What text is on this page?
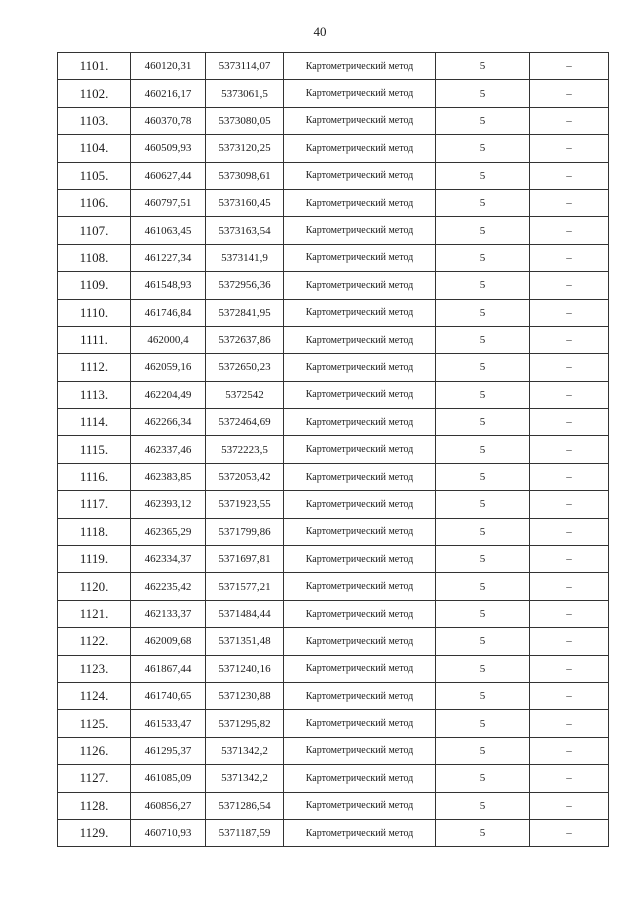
40
1101.	460120,31	5373114,07	Картометрический метод	5	–
1102.	460216,17	5373061,5	Картометрический метод	5	–
1103.	460370,78	5373080,05	Картометрический метод	5	–
1104.	460509,93	5373120,25	Картометрический метод	5	–
1105.	460627,44	5373098,61	Картометрический метод	5	–
1106.	460797,51	5373160,45	Картометрический метод	5	–
1107.	461063,45	5373163,54	Картометрический метод	5	–
1108.	461227,34	5373141,9	Картометрический метод	5	–
1109.	461548,93	5372956,36	Картометрический метод	5	–
1110.	461746,84	5372841,95	Картометрический метод	5	–
1111.	462000,4	5372637,86	Картометрический метод	5	–
1112.	462059,16	5372650,23	Картометрический метод	5	–
1113.	462204,49	5372542	Картометрический метод	5	–
1114.	462266,34	5372464,69	Картометрический метод	5	–
1115.	462337,46	5372223,5	Картометрический метод	5	–
1116.	462383,85	5372053,42	Картометрический метод	5	–
1117.	462393,12	5371923,55	Картометрический метод	5	–
1118.	462365,29	5371799,86	Картометрический метод	5	–
1119.	462334,37	5371697,81	Картометрический метод	5	–
1120.	462235,42	5371577,21	Картометрический метод	5	–
1121.	462133,37	5371484,44	Картометрический метод	5	–
1122.	462009,68	5371351,48	Картометрический метод	5	–
1123.	461867,44	5371240,16	Картометрический метод	5	–
1124.	461740,65	5371230,88	Картометрический метод	5	–
1125.	461533,47	5371295,82	Картометрический метод	5	–
1126.	461295,37	5371342,2	Картометрический метод	5	–
1127.	461085,09	5371342,2	Картометрический метод	5	–
1128.	460856,27	5371286,54	Картометрический метод	5	–
1129.	460710,93	5371187,59	Картометрический метод	5	–
